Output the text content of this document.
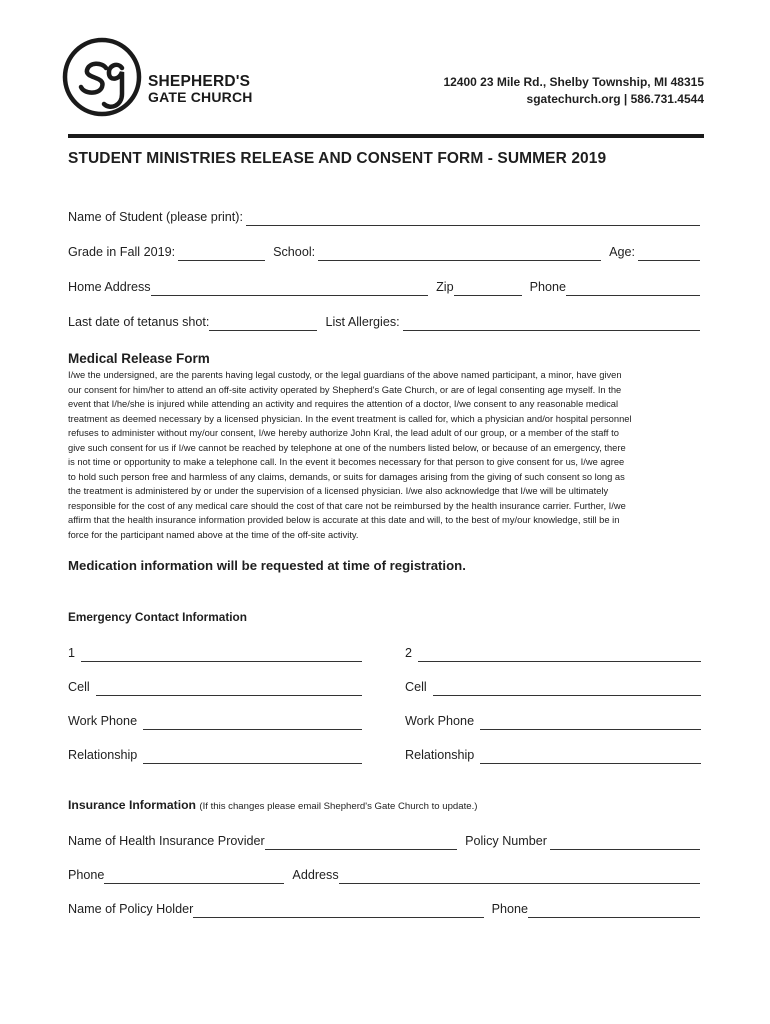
SHEPHERD'S
GATE CHURCH
12400 23 Mile Rd., Shelby Township, MI 48315
sgatechurch.org | 586.731.4544
STUDENT MINISTRIES RELEASE AND CONSENT FORM - SUMMER 2019
Name of Student (please print):
Grade in Fall 2019:	School:	Age:
Home Address	Zip	Phone
Last date of tetanus shot:	List Allergies:
Medical Release Form
I/we the undersigned, are the parents having legal custody, or the legal guardians of the above named participant, a minor, have given
our consent for him/her to attend an off-site activity operated by Shepherd's Gate Church, or are of legal consenting age myself. In the
event that I/he/she is injured while attending an activity and requires the attention of a doctor, I/we consent to any reasonable medical
treatment as deemed necessary by a licensed physician. In the event treatment is called for, which a physician and/or hospital personnel
refuses to administer without my/our consent, I/we hereby authorize John Kral, the lead adult of our group, or a member of the staff to
give such consent for us if I/we cannot be reached by telephone at one of the numbers listed below, or because of an emergency, there
is not time or opportunity to make a telephone call. In the event it becomes necessary for that person to give consent for us, I/we agree
to hold such person free and harmless of any claims, demands, or suits for damages arising from the giving of such consent so long as
the treatment is administered by or under the supervision of a licensed physician. I/we also acknowledge that I/we will be ultimately
responsible for the cost of any medical care should the cost of that care not be reimbursed by the health insurance carrier. Further, I/we
affirm that the health insurance information provided below is accurate at this date and will, to the best of my/our knowledge, still be in
force for the participant named above at the time of the off-site activity.
Medication information will be requested at time of registration.
Emergency Contact Information
1	2
Cell	Cell
Work Phone	Work Phone
Relationship	Relationship
Insurance Information (If this changes please email Shepherd's Gate Church to update.)
Name of Health Insurance Provider	Policy Number
Phone	Address
Name of Policy Holder	Phone
